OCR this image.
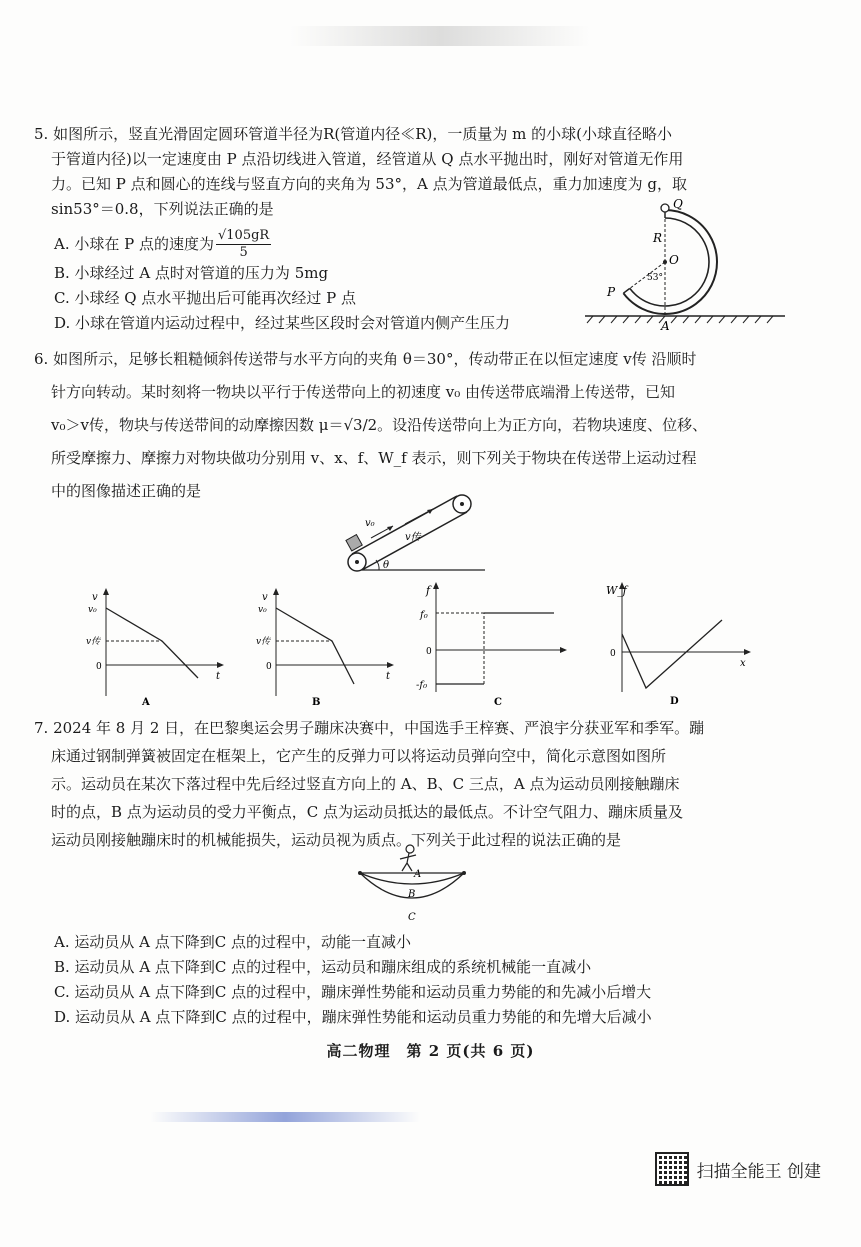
5. 如图所示，竖直光滑固定圆环管道半径为R(管道内径≪R)，一质量为 m 的小球(小球直径略小
于管道内径)以一定速度由 P 点沿切线进入管道，经管道从 Q 点水平抛出时，刚好对管道无作用
力。已知 P 点和圆心的连线与竖直方向的夹角为 53°，A 点为管道最低点，重力加速度为 g，取
sin53°＝0.8，下列说法正确的是
A. 小球在 P 点的速度为 $\frac{√105gR}{5}$
B. 小球经过 A 点时对管道的压力为 5mg
C. 小球经 Q 点水平抛出后可能再次经过 P 点
D. 小球在管道内运动过程中，经过某些区段时会对管道内侧产生压力
Q
R
O
53°
P
A
6. 如图所示，足够长粗糙倾斜传送带与水平方向的夹角 θ＝30°，传动带正在以恒定速度 v传 沿顺时
针方向转动。某时刻将一物块以平行于传送带向上的初速度 v₀ 由传送带底端滑上传送带，已知
v₀＞v传，物块与传送带间的动摩擦因数 μ＝√3/2。设沿传送带向上为正方向，若物块速度、位移、
所受摩擦力、摩擦力对物块做功分别用 v、x、f、W_f 表示，则下列关于物块在传送带上运动过程
中的图像描述正确的是
v₀
v传
θ
v
v₀
v传
0
t
A
v
v₀
v传
0
t
B
f
f₀
0
-f₀
C
W_f
0
x
D
7. 2024 年 8 月 2 日，在巴黎奥运会男子蹦床决赛中，中国选手王梓赛、严浪宇分获亚军和季军。蹦
床通过钢制弹簧被固定在框架上，它产生的反弹力可以将运动员弹向空中，简化示意图如图所
示。运动员在某次下落过程中先后经过竖直方向上的 A、B、C 三点，A 点为运动员刚接触蹦床
时的点，B 点为运动员的受力平衡点，C 点为运动员抵达的最低点。不计空气阻力、蹦床质量及
运动员刚接触蹦床时的机械能损失，运动员视为质点。下列关于此过程的说法正确的是
A
B
C
A. 运动员从 A 点下降到C 点的过程中，动能一直减小
B. 运动员从 A 点下降到C 点的过程中，运动员和蹦床组成的系统机械能一直减小
C. 运动员从 A 点下降到C 点的过程中，蹦床弹性势能和运动员重力势能的和先减小后增大
D. 运动员从 A 点下降到C 点的过程中，蹦床弹性势能和运动员重力势能的和先增大后减小
高二物理　第 2 页(共 6 页)
扫描全能王 创建
